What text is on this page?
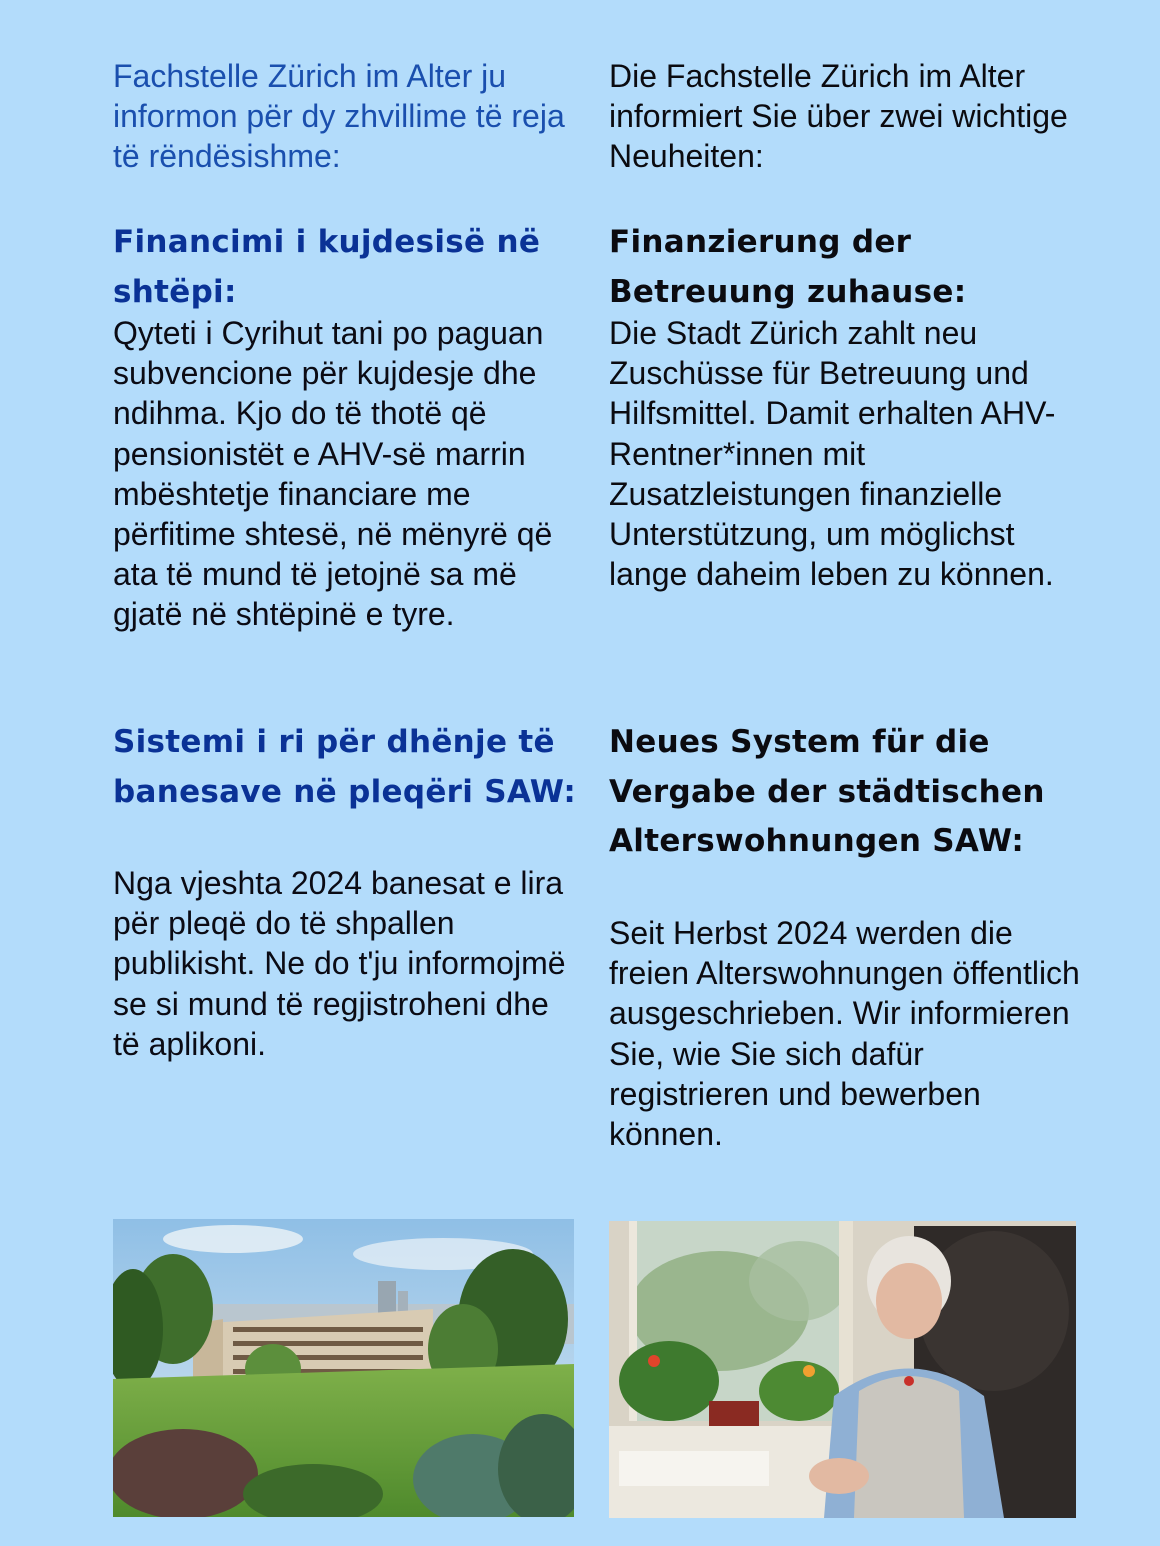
Fachstelle Zürich im Alter ju informon për dy zhvillime të reja të rëndësishme:

Die Fachstelle Zürich im Alter informiert Sie über zwei wichtige Neuheiten:

Financimi i kujdesisë në shtëpi:
Finanzierung der Betreuung zuhause:

Qyteti i Cyrihut tani po paguan subvencione për kujdesje dhe ndihma. Kjo do të thotë që pensionistët e AHV-së marrin mbështetje financiare me përfitime shtesë, në mënyrë që ata të mund të jetojnë sa më gjatë në shtëpinë e tyre.

Die Stadt Zürich zahlt neu Zuschüsse für Betreuung und Hilfsmittel. Damit erhalten AHV-Rentner*innen mit Zusatzleistungen finanzielle Unterstützung, um möglichst lange daheim leben zu können.

Sistemi i ri për dhënje të banesave në pleqëri SAW:
Neues System für die Vergabe der städtischen Alterswohnungen SAW:

Nga vjeshta 2024 banesat e lira për pleqë do të shpallen publikisht. Ne do t'ju informojmë se si mund të regjistroheni dhe të aplikoni.

Seit Herbst 2024 werden die freien Alterswohnungen öffentlich ausgeschrieben. Wir informieren Sie, wie Sie sich dafür registrieren und bewerben können.
